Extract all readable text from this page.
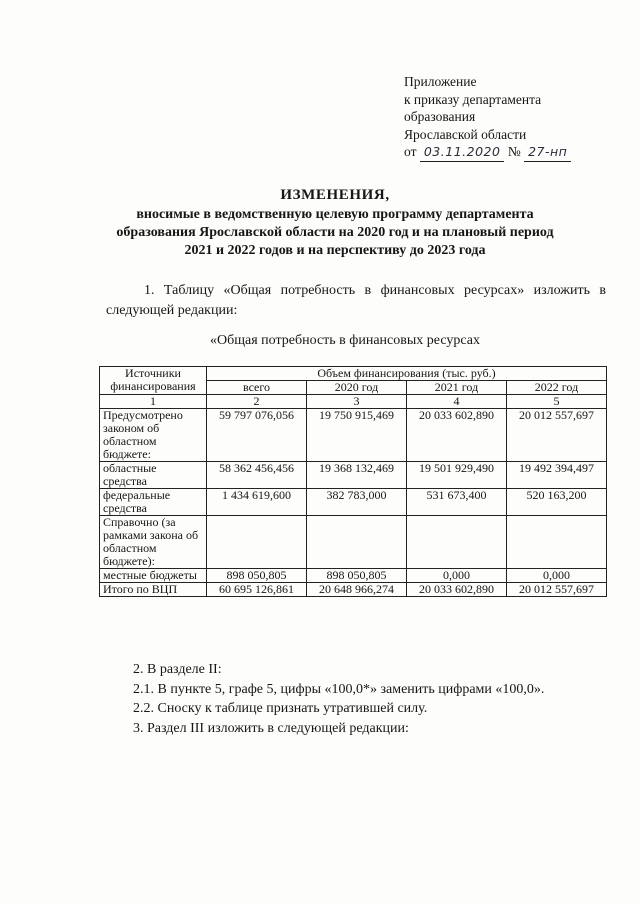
Приложение
к приказу департамента
образования
Ярославской области
от 03.11.2020 № 27-нп
ИЗМЕНЕНИЯ,
вносимые в ведомственную целевую программу департамента
образования Ярославской области на 2020 год и на плановый период
2021 и 2022 годов и на перспективу до 2023 года
1. Таблицу «Общая потребность в финансовых ресурсах» изложить в следующей редакции:
«Общая потребность в финансовых ресурсах
Источники финансирования	Объем финансирования (тыс. руб.)			
	всего	2020 год	2021 год	2022 год
1	2	3	4	5
Предусмотрено законом об областном бюджете:	59 797 076,056	19 750 915,469	20 033 602,890	20 012 557,697
областные средства	58 362 456,456	19 368 132,469	19 501 929,490	19 492 394,497
федеральные средства	1 434 619,600	382 783,000	531 673,400	520 163,200
Справочно (за рамками закона об областном бюджете):				
местные бюджеты	898 050,805	898 050,805	0,000	0,000
Итого по ВЦП	60 695 126,861	20 648 966,274	20 033 602,890	20 012 557,697
2. В разделе II:
2.1. В пункте 5, графе 5, цифры «100,0*» заменить цифрами «100,0».
2.2. Сноску к таблице признать утратившей силу.
3. Раздел III изложить в следующей редакции:
